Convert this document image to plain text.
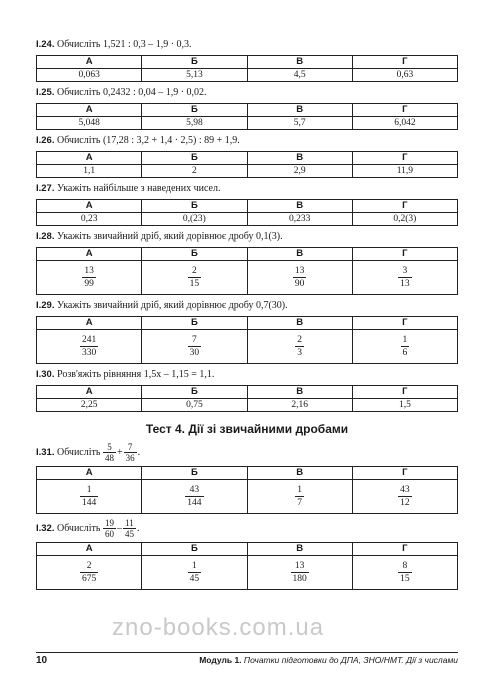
I.24. Обчисліть 1,521 : 0,3 – 1,9 · 0,3.
А	Б	В	Г
0,063	5,13	4,5	0,63
I.25. Обчисліть 0,2432 : 0,04 – 1,9 · 0,02.
А	Б	В	Г
5,048	5,98	5,7	6,042
I.26. Обчисліть (17,28 : 3,2 + 1,4 · 2,5) : 89 + 1,9.
А	Б	В	Г
1,1	2	2,9	11,9
I.27. Укажіть найбільше з наведених чисел.
А	Б	В	Г
0,23	0,(23)	0,233	0,2(3)
I.28. Укажіть звичайний дріб, який дорівнює дробу 0,1(3).
А	Б	В	Г

$\frac{13}{99}$	$\frac{2}{15}$	$\frac{13}{90}$	$\frac{3}{13}$
I.29. Укажіть звичайний дріб, який дорівнює дробу 0,7(30).
А	Б	В	Г

$\frac{241}{330}$	$\frac{7}{30}$	$\frac{2}{3}$	$\frac{1}{6}$
I.30. Розв'яжіть рівняння 1,5x – 1,15 = 1,1.
А	Б	В	Г
2,25	0,75	2,16	1,5
Тест 4. Дії зі звичайними дробами
I.31. Обчисліть $\frac{5}{48} + \frac{7}{36}$ .
А	Б	В	Г

$\frac{1}{144}$	$\frac{43}{144}$	$\frac{1}{7}$	$\frac{43}{12}$
I.32. Обчисліть $\frac{19}{60} - \frac{11}{45}$ .
А	Б	В	Г

$\frac{2}{675}$	$\frac{1}{45}$	$\frac{13}{180}$	$\frac{8}{15}$
zno-books.com.ua
10	Модуль 1. Початки підготовки до ДПА, ЗНО/НМТ. Дії з числами
